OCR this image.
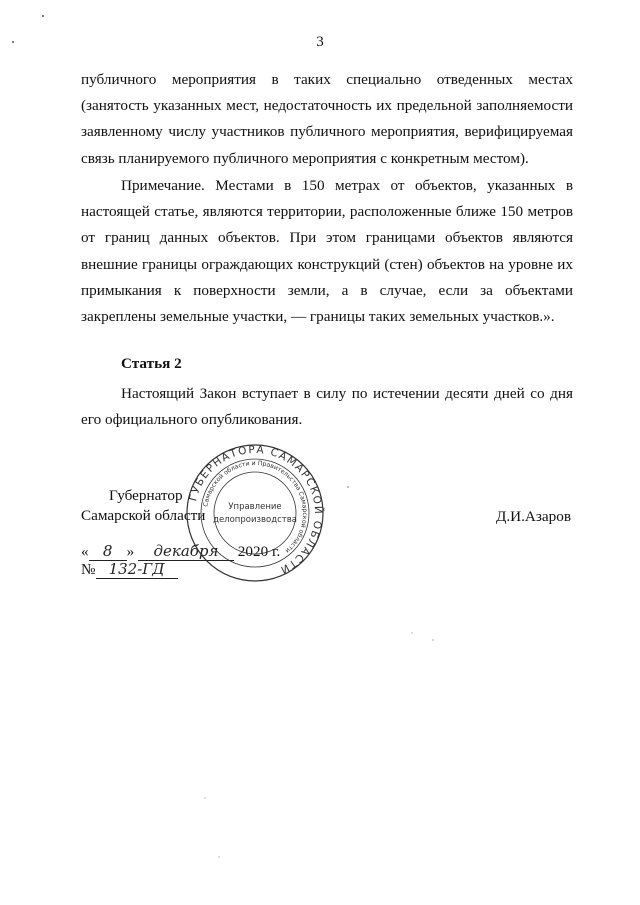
3

публичного мероприятия в таких специально отведенных местах (занятость указанных мест, недостаточность их предельной заполняемости заявленному числу участников публичного мероприятия, верифицируемая связь планируемого публичного мероприятия с конкретным местом).

Примечание. Местами в 150 метрах от объектов, указанных в настоящей статье, являются территории, расположенные ближе 150 метров от границ данных объектов. При этом границами объектов являются внешние границы ограждающих конструкций (стен) объектов на уровне их примыкания к поверхности земли, а в случае, если за объектами закреплены земельные участки, — границы таких земельных участков.».

Статья 2

Настоящий Закон вступает в силу по истечении десяти дней со дня его официального опубликования.

Губернатор
Самарской области	Д.И.Азаров
« 8 » декабря 2020 г.
№ 132-ГД
ГУБЕРНАТОРА САМАРСКОЙ ОБЛАСТИ
Самарской области и Правительства Самарской области
Управление
делопроизводства
